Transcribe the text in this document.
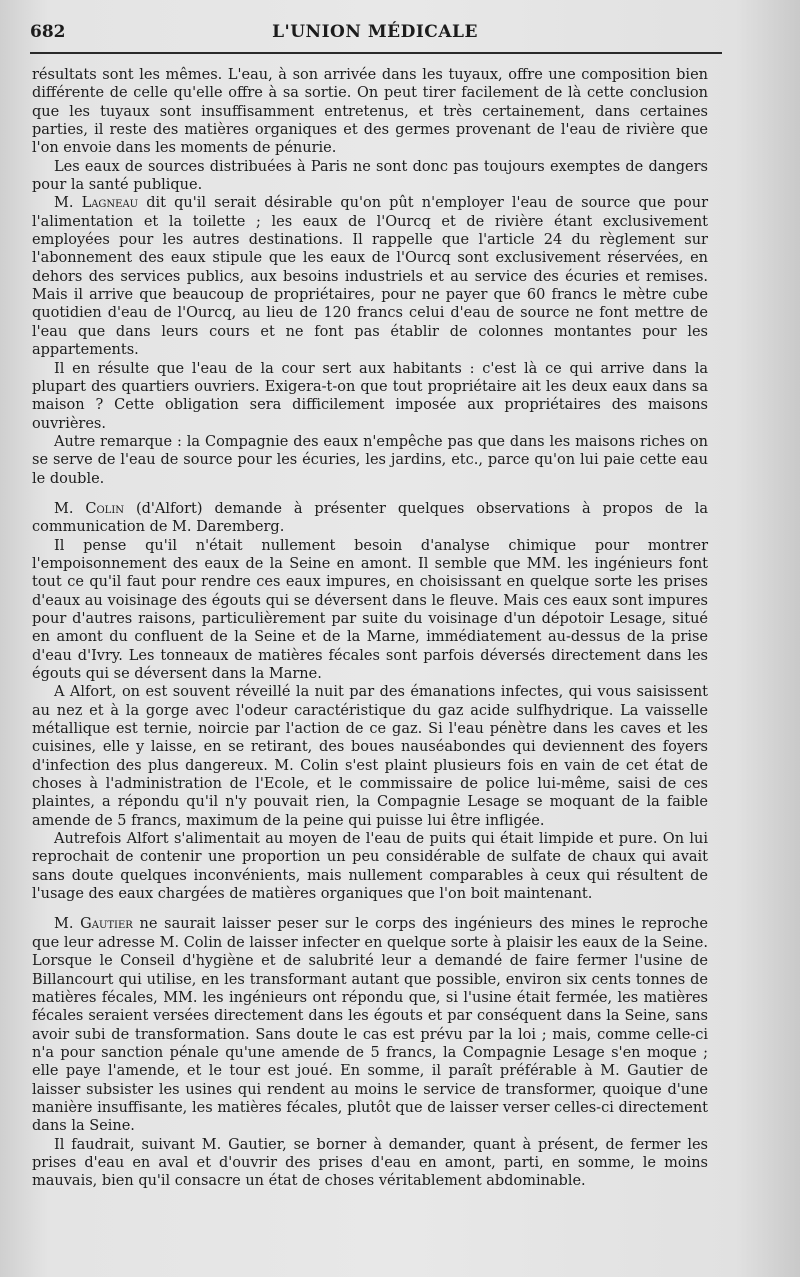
682	L'UNION MÉDICALE

résultats sont les mêmes. L'eau, à son arrivée dans les tuyaux, offre une composition bien différente de celle qu'elle offre à sa sortie. On peut tirer facilement de là cette conclusion que les tuyaux sont insuffisamment entretenus, et très certainement, dans certaines parties, il reste des matières organiques et des germes provenant de l'eau de rivière que l'on envoie dans les moments de pénurie.

Les eaux de sources distribuées à Paris ne sont donc pas toujours exemptes de dangers pour la santé publique.

M. Lagneau dit qu'il serait désirable qu'on pût n'employer l'eau de source que pour l'alimentation et la toilette ; les eaux de l'Ourcq et de rivière étant exclusivement employées pour les autres destinations. Il rappelle que l'article 24 du règlement sur l'abonnement des eaux stipule que les eaux de l'Ourcq sont exclusivement réservées, en dehors des services publics, aux besoins industriels et au service des écuries et remises. Mais il arrive que beaucoup de propriétaires, pour ne payer que 60 francs le mètre cube quotidien d'eau de l'Ourcq, au lieu de 120 francs celui d'eau de source ne font mettre de l'eau que dans leurs cours et ne font pas établir de colonnes montantes pour les appartements.

Il en résulte que l'eau de la cour sert aux habitants : c'est là ce qui arrive dans la plupart des quartiers ouvriers. Exigera-t-on que tout propriétaire ait les deux eaux dans sa maison ? Cette obligation sera difficilement imposée aux propriétaires des maisons ouvrières.

Autre remarque : la Compagnie des eaux n'empêche pas que dans les maisons riches on se serve de l'eau de source pour les écuries, les jardins, etc., parce qu'on lui paie cette eau le double.

M. Colin (d'Alfort) demande à présenter quelques observations à propos de la communication de M. Daremberg.

Il pense qu'il n'était nullement besoin d'analyse chimique pour montrer l'empoisonnement des eaux de la Seine en amont. Il semble que MM. les ingénieurs font tout ce qu'il faut pour rendre ces eaux impures, en choisissant en quelque sorte les prises d'eaux au voisinage des égouts qui se déversent dans le fleuve. Mais ces eaux sont impures pour d'autres raisons, particulièrement par suite du voisinage d'un dépotoir Lesage, situé en amont du confluent de la Seine et de la Marne, immédiatement au-dessus de la prise d'eau d'Ivry. Les tonneaux de matières fécales sont parfois déversés directement dans les égouts qui se déversent dans la Marne.

A Alfort, on est souvent réveillé la nuit par des émanations infectes, qui vous saisissent au nez et à la gorge avec l'odeur caractéristique du gaz acide sulfhydrique. La vaisselle métallique est ternie, noircie par l'action de ce gaz. Si l'eau pénètre dans les caves et les cuisines, elle y laisse, en se retirant, des boues nauséabondes qui deviennent des foyers d'infection des plus dangereux. M. Colin s'est plaint plusieurs fois en vain de cet état de choses à l'administration de l'Ecole, et le commissaire de police lui-même, saisi de ces plaintes, a répondu qu'il n'y pouvait rien, la Compagnie Lesage se moquant de la faible amende de 5 francs, maximum de la peine qui puisse lui être infligée.

Autrefois Alfort s'alimentait au moyen de l'eau de puits qui était limpide et pure. On lui reprochait de contenir une proportion un peu considérable de sulfate de chaux qui avait sans doute quelques inconvénients, mais nullement comparables à ceux qui résultent de l'usage des eaux chargées de matières organiques que l'on boit maintenant.

M. Gautier ne saurait laisser peser sur le corps des ingénieurs des mines le reproche que leur adresse M. Colin de laisser infecter en quelque sorte à plaisir les eaux de la Seine. Lorsque le Conseil d'hygiène et de salubrité leur a demandé de faire fermer l'usine de Billancourt qui utilise, en les transformant autant que possible, environ six cents tonnes de matières fécales, MM. les ingénieurs ont répondu que, si l'usine était fermée, les matières fécales seraient versées directement dans les égouts et par conséquent dans la Seine, sans avoir subi de transformation. Sans doute le cas est prévu par la loi ; mais, comme celle-ci n'a pour sanction pénale qu'une amende de 5 francs, la Compagnie Lesage s'en moque ; elle paye l'amende, et le tour est joué. En somme, il paraît préférable à M. Gautier de laisser subsister les usines qui rendent au moins le service de transformer, quoique d'une manière insuffisante, les matières fécales, plutôt que de laisser verser celles-ci directement dans la Seine.

Il faudrait, suivant M. Gautier, se borner à demander, quant à présent, de fermer les prises d'eau en aval et d'ouvrir des prises d'eau en amont, parti, en somme, le moins mauvais, bien qu'il consacre un état de choses véritablement abdominable.
